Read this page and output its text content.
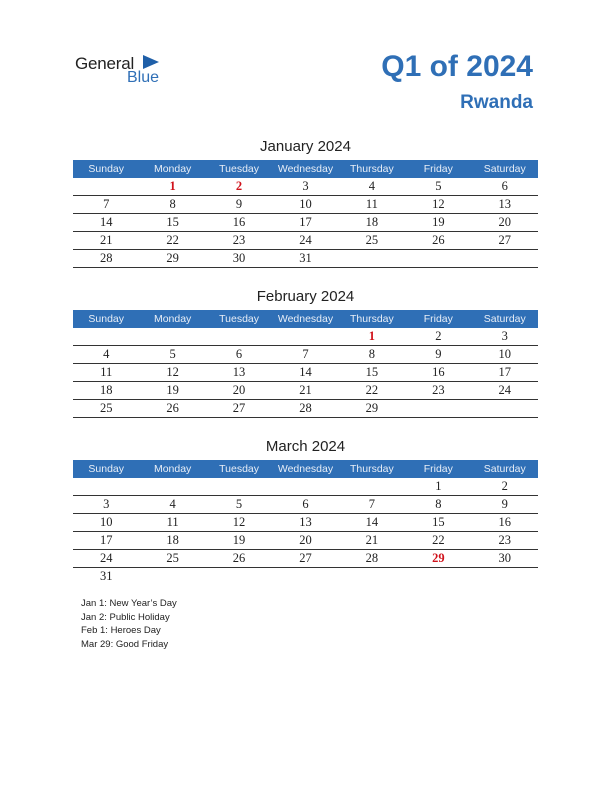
General
Blue	Q1 of 2024
Rwanda
January 2024
Sunday	Monday	Tuesday	Wednesday	Thursday	Friday	Saturday
	1	2	3	4	5	6
7	8	9	10	11	12	13
14	15	16	17	18	19	20
21	22	23	24	25	26	27
28	29	30	31			
February 2024
Sunday	Monday	Tuesday	Wednesday	Thursday	Friday	Saturday
				1	2	3
4	5	6	7	8	9	10
11	12	13	14	15	16	17
18	19	20	21	22	23	24
25	26	27	28	29		
March 2024
Sunday	Monday	Tuesday	Wednesday	Thursday	Friday	Saturday
					1	2
3	4	5	6	7	8	9
10	11	12	13	14	15	16
17	18	19	20	21	22	23
24	25	26	27	28	29	30
31						
Jan 1: New Year’s Day
Jan 2: Public Holiday
Feb 1: Heroes Day
Mar 29: Good Friday
